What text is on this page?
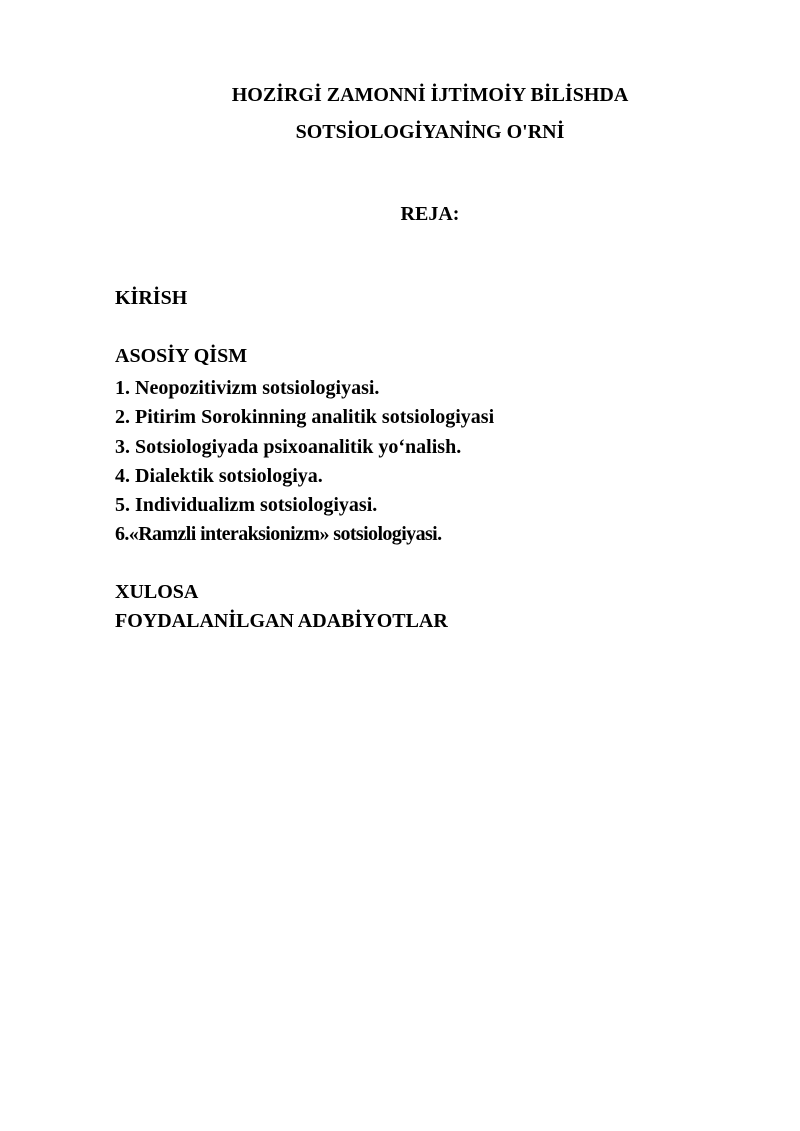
HOZİRGİ ZAMONNİ İJTİMOİY BİLİSHDA
SOTSİOLOGİYANİNG O'RNİ
REJA:
KİRİSH
ASOSİY QİSM
1. Neopozitivizm sotsiologiyasi.
2. Pitirim Sorokinning analitik sotsiologiyasi
3. Sotsiologiyada psixoanalitik yo‘nalish.
4. Dialektik sotsiologiya.
5. Individualizm sotsiologiyasi.
6.«Ramzli interaksionizm» sotsiologiyasi.
XULOSA
FOYDALANİLGAN ADABİYOTLAR
